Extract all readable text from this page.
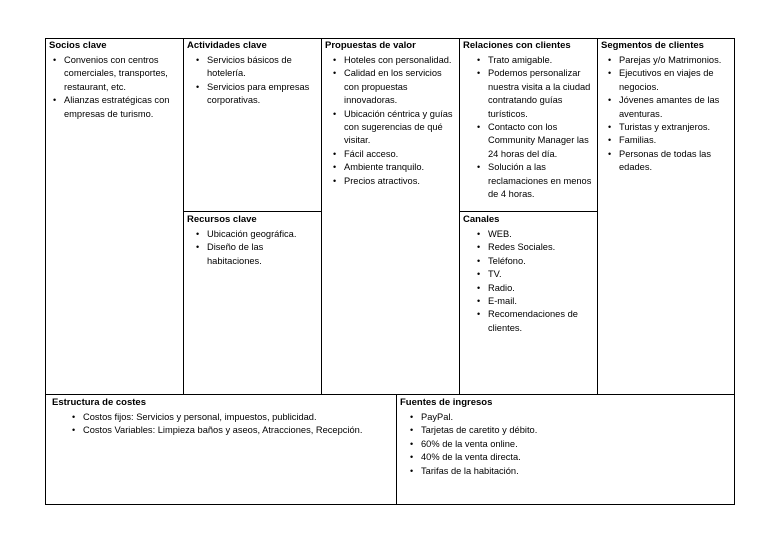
Socios clave
• Convenios con centros comerciales, transportes, restaurant, etc.
• Alianzas estratégicas con empresas de turismo.
Actividades clave
• Servicios básicos de hotelería.
• Servicios para empresas corporativas.
Recursos clave
• Ubicación geográfica.
• Diseño de las habitaciones.
Propuestas de valor
• Hoteles con personalidad.
• Calidad en los servicios con propuestas innovadoras.
• Ubicación céntrica y guías con sugerencias de qué visitar.
• Fácil acceso.
• Ambiente tranquilo.
• Precios atractivos.
Relaciones con clientes
• Trato amigable.
• Podemos personalizar nuestra visita a la ciudad contratando guías turísticos.
• Contacto con los Community Manager las 24 horas del día.
• Solución a las reclamaciones en menos de 4 horas.
Canales
• WEB.
• Redes Sociales.
• Teléfono.
• TV.
• Radio.
• E-mail.
• Recomendaciones de clientes.
Segmentos de clientes
• Parejas y/o Matrimonios.
• Ejecutivos en viajes de negocios.
• Jóvenes amantes de las aventuras.
• Turistas y extranjeros.
• Familias.
• Personas de todas las edades.
Estructura de costes
• Costos fijos: Servicios y personal, impuestos, publicidad.
• Costos Variables: Limpieza baños y aseos, Atracciones, Recepción.
Fuentes de ingresos
• PayPal.
• Tarjetas de caretito y débito.
• 60% de la venta online.
• 40% de la venta directa.
• Tarifas de la habitación.
